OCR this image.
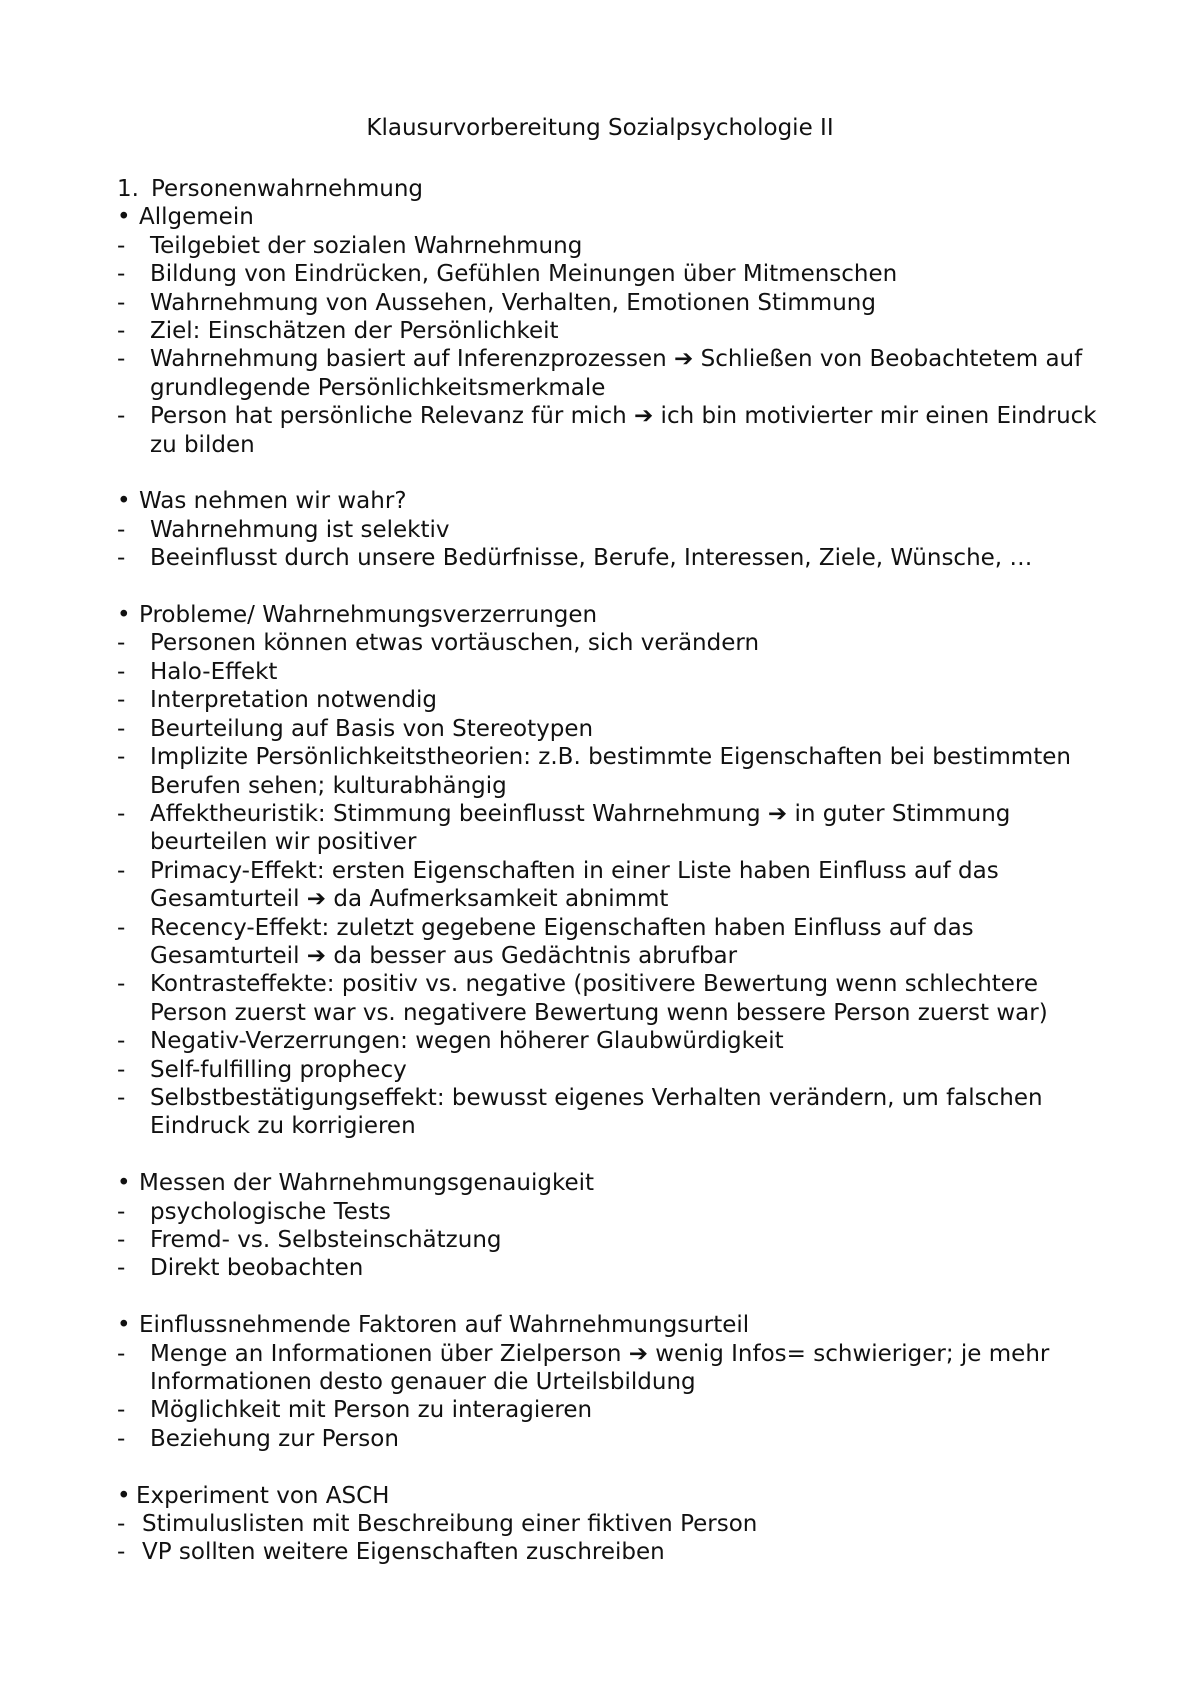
Klausurvorbereitung Sozialpsychologie II
1. Personenwahrnehmung
• Allgemein
-	Teilgebiet der sozialen Wahrnehmung
-	Bildung von Eindrücken, Gefühlen Meinungen über Mitmenschen
-	Wahrnehmung von Aussehen, Verhalten, Emotionen Stimmung
-	Ziel: Einschätzen der Persönlichkeit
-	Wahrnehmung basiert auf Inferenzprozessen ➔ Schließen von Beobachtetem auf grundlegende Persönlichkeitsmerkmale
-	Person hat persönliche Relevanz für mich ➔ ich bin motivierter mir einen Eindruck zu bilden
• Was nehmen wir wahr?
-	Wahrnehmung ist selektiv
-	Beeinflusst durch unsere Bedürfnisse, Berufe, Interessen, Ziele, Wünsche, …
• Probleme/ Wahrnehmungsverzerrungen
-	Personen können etwas vortäuschen, sich verändern
-	Halo-Effekt
-	Interpretation notwendig
-	Beurteilung auf Basis von Stereotypen
-	Implizite Persönlichkeitstheorien: z.B. bestimmte Eigenschaften bei bestimmten Berufen sehen; kulturabhängig
-	Affektheuristik: Stimmung beeinflusst Wahrnehmung ➔ in guter Stimmung beurteilen wir positiver
-	Primacy-Effekt: ersten Eigenschaften in einer Liste haben Einfluss auf das Gesamturteil ➔ da Aufmerksamkeit abnimmt
-	Recency-Effekt: zuletzt gegebene Eigenschaften haben Einfluss auf das Gesamturteil ➔ da besser aus Gedächtnis abrufbar
-	Kontrasteffekte: positiv vs. negative (positivere Bewertung wenn schlechtere Person zuerst war vs. negativere Bewertung wenn bessere Person zuerst war)
-	Negativ-Verzerrungen: wegen höherer Glaubwürdigkeit
-	Self-fulfilling prophecy
-	Selbstbestätigungseffekt: bewusst eigenes Verhalten verändern, um falschen Eindruck zu korrigieren
• Messen der Wahrnehmungsgenauigkeit
-	psychologische Tests
-	Fremd- vs. Selbsteinschätzung
-	Direkt beobachten
• Einflussnehmende Faktoren auf Wahrnehmungsurteil
-	Menge an Informationen über Zielperson ➔ wenig Infos= schwieriger; je mehr Informationen desto genauer die Urteilsbildung
-	Möglichkeit mit Person zu interagieren
-	Beziehung zur Person
• Experiment von ASCH
- Stimuluslisten mit Beschreibung einer fiktiven Person
- VP sollten weitere Eigenschaften zuschreiben
